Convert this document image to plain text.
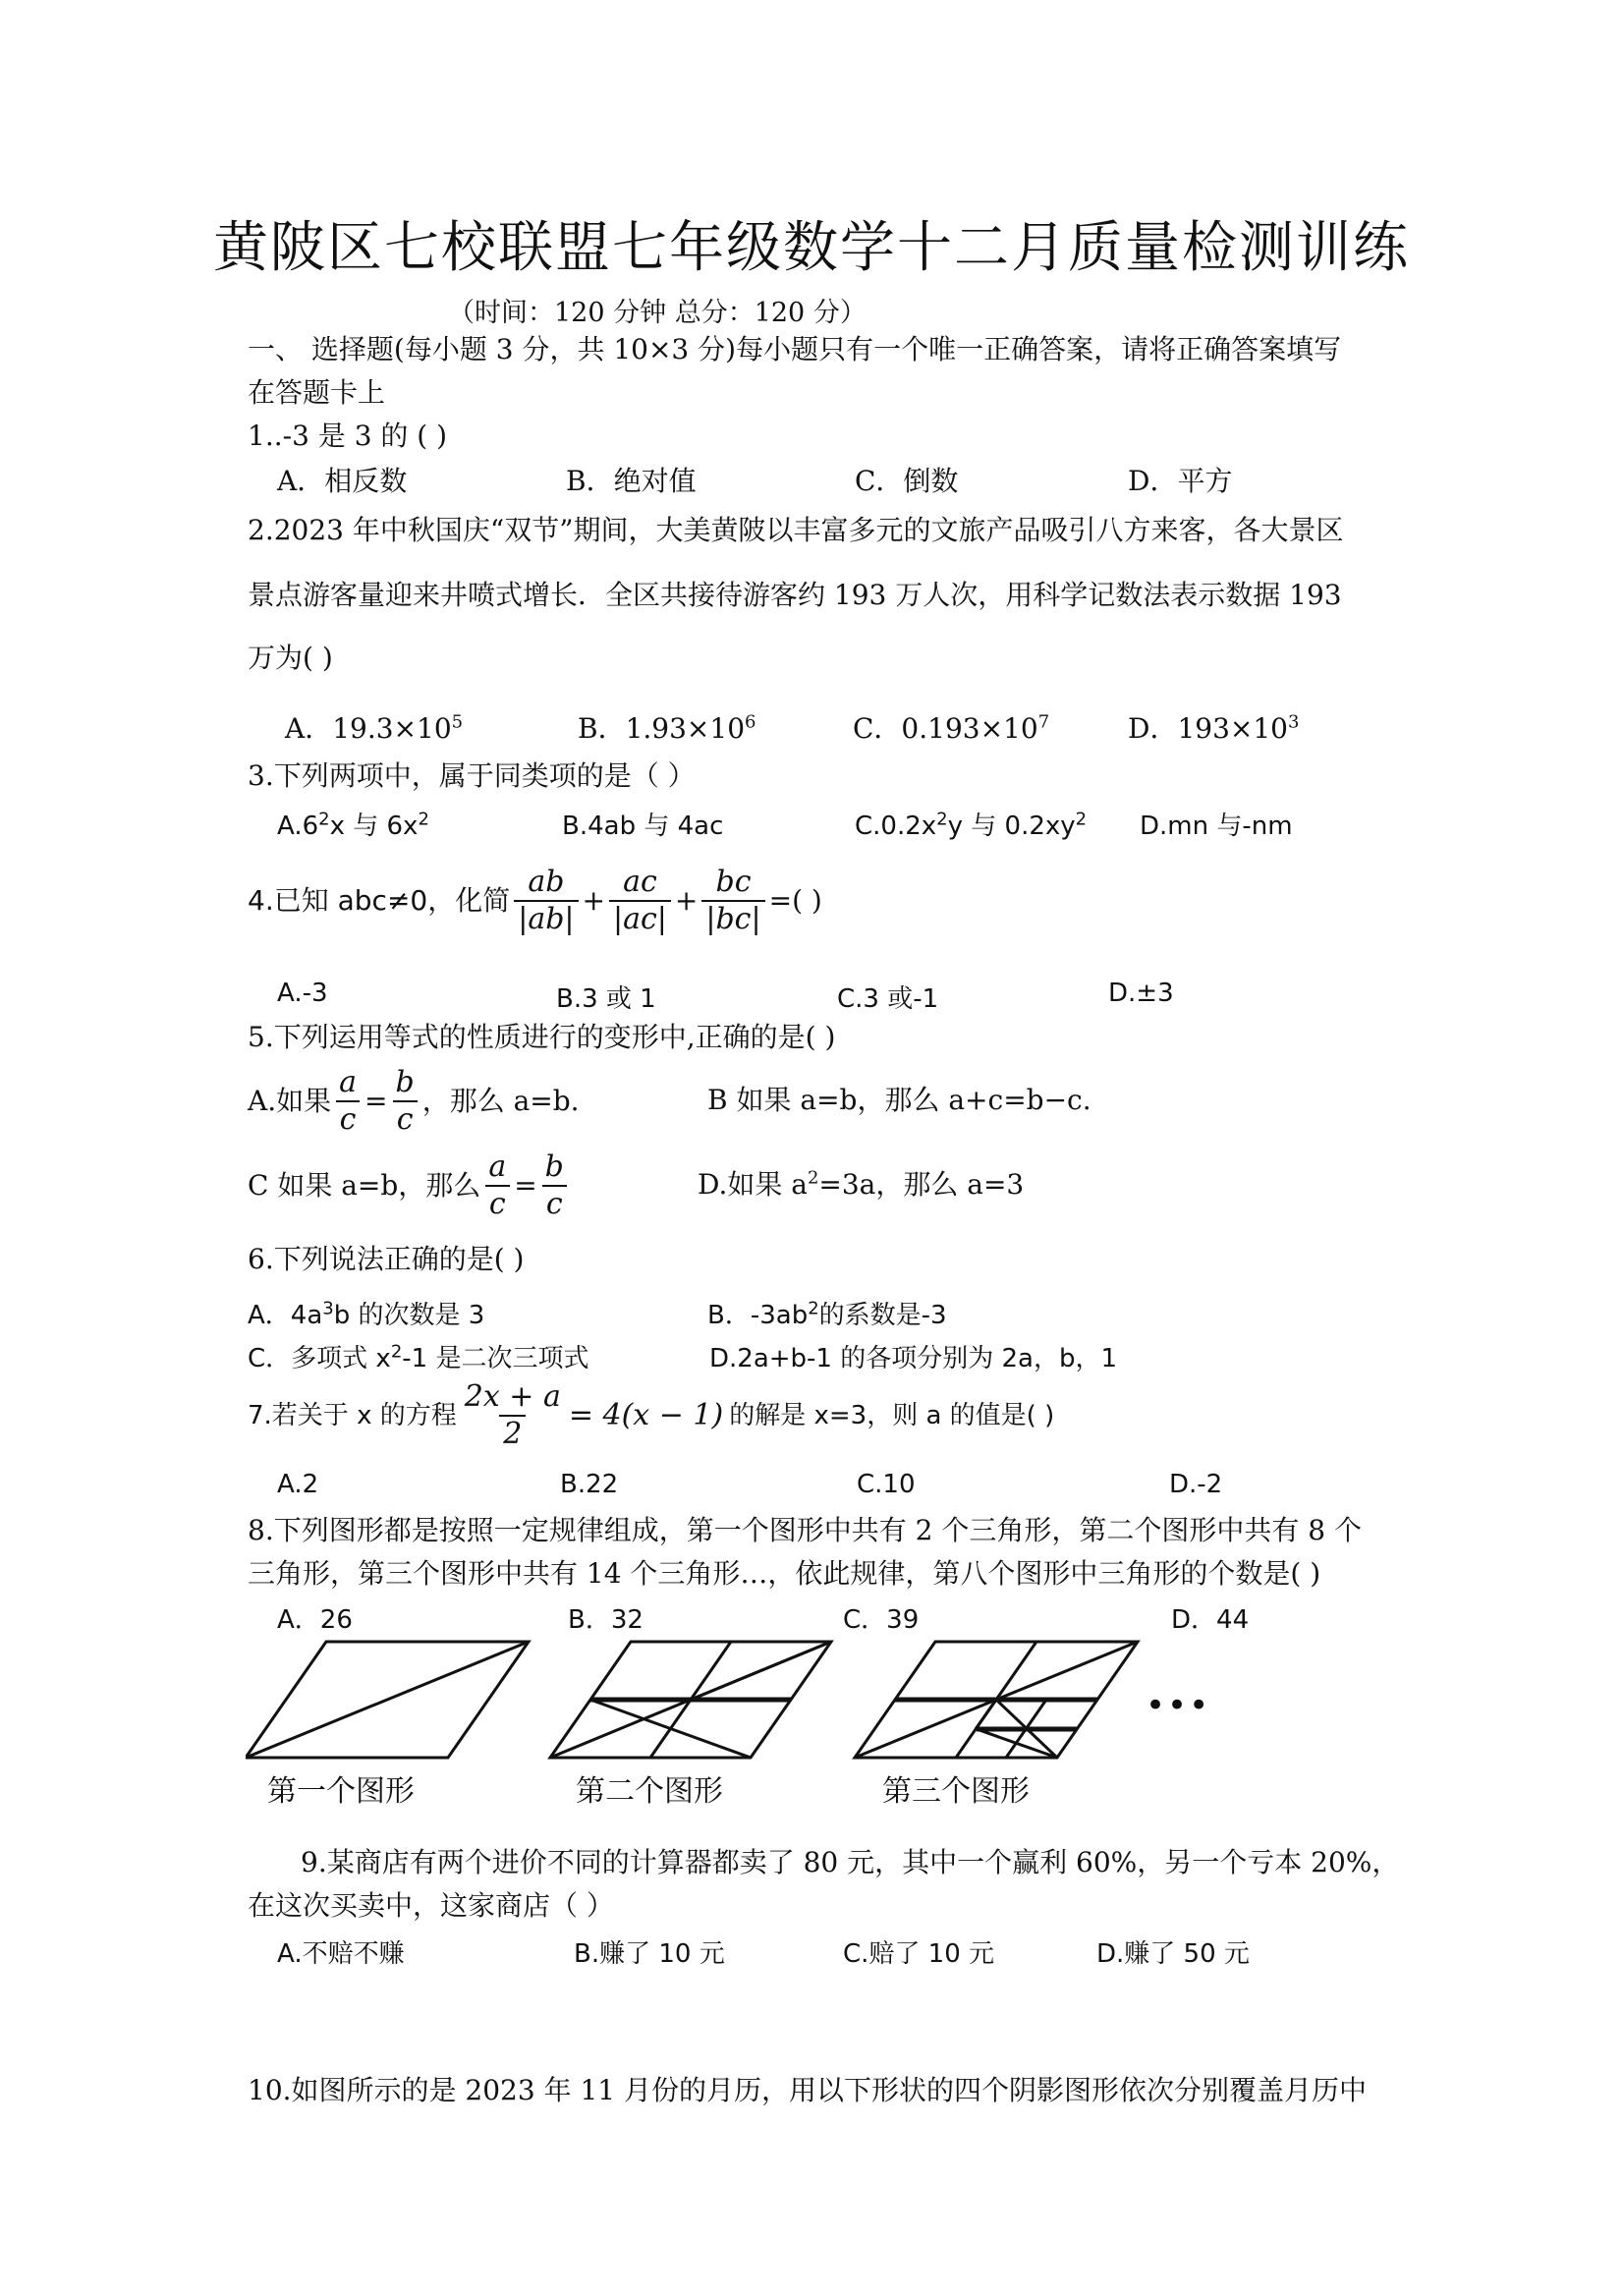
黄陂区七校联盟七年级数学十二月质量检测训练
（时间：120 分钟 总分：120 分）
一、 选择题(每小题 3 分，共 10×3 分)每小题只有一个唯一正确答案，请将正确答案填写
在答题卡上
1..-3 是 3 的 ( )
A．相反数	B．绝对值	C．倒数	D．平方
2.2023 年中秋国庆“双节”期间，大美黄陂以丰富多元的文旅产品吸引八方来客，各大景区
景点游客量迎来井喷式增长．全区共接待游客约 193 万人次，用科学记数法表示数据 193
万为( )
A．$19.3\times 10^5$	B．$1.93\times 10^6$	C．$0.193\times 10^7$	D．$193\times 10^3$
3.下列两项中，属于同类项的是（ ）
$A.6^2x$ 与 $6x^2$	B.4ab 与 4ac	$C.0.2x^2y$ 与 $0.2xy^2$ D.mn 与-nm
4.已知 abc≠0，化简 $\frac{ab}{|ab|} + \frac{ac}{|ac|} + \frac{bc}{|bc|}$ =( )
A.-3	B.3 或 1	C.3 或-1	D.±3
5.下列运用等式的性质进行的变形中,正确的是( )
A.如果 $\frac{a}{c} = \frac{b}{c}$ ，那么 a=b.	B 如果 a=b，那么 a+c=b−c.
C 如果 a=b，那么 $\frac{a}{c} = \frac{b}{c}$	D.如果 $a^2=3a$，那么 a=3
6.下列说法正确的是( )
A．$4a^3b$ 的次数是 3	B．$-3ab^2$的系数是-3
C．多项式 $x^2-1$ 是二次三项式	D.2a+b-1 的各项分别为 2a，b，1
7.若关于 x 的方程 $\frac{2x + a}{2} = 4(x - 1)$ 的解是 x=3，则 a 的值是( )
A.2	B.22	C.10	D.-2
8.下列图形都是按照一定规律组成，第一个图形中共有 2 个三角形，第二个图形中共有 8 个
三角形，第三个图形中共有 14 个三角形…，依此规律，第八个图形中三角形的个数是( )
A．26	B．32	C．39	D．44
•••
第一个图形	第二个图形	第三个图形
9.某商店有两个进价不同的计算器都卖了 80 元，其中一个赢利 60%，另一个亏本 20%，
在这次买卖中，这家商店（ ）
A.不赔不赚	B.赚了 10 元	C.赔了 10 元	D.赚了 50 元
10.如图所示的是 2023 年 11 月份的月历，用以下形状的四个阴影图形依次分别覆盖月历中
